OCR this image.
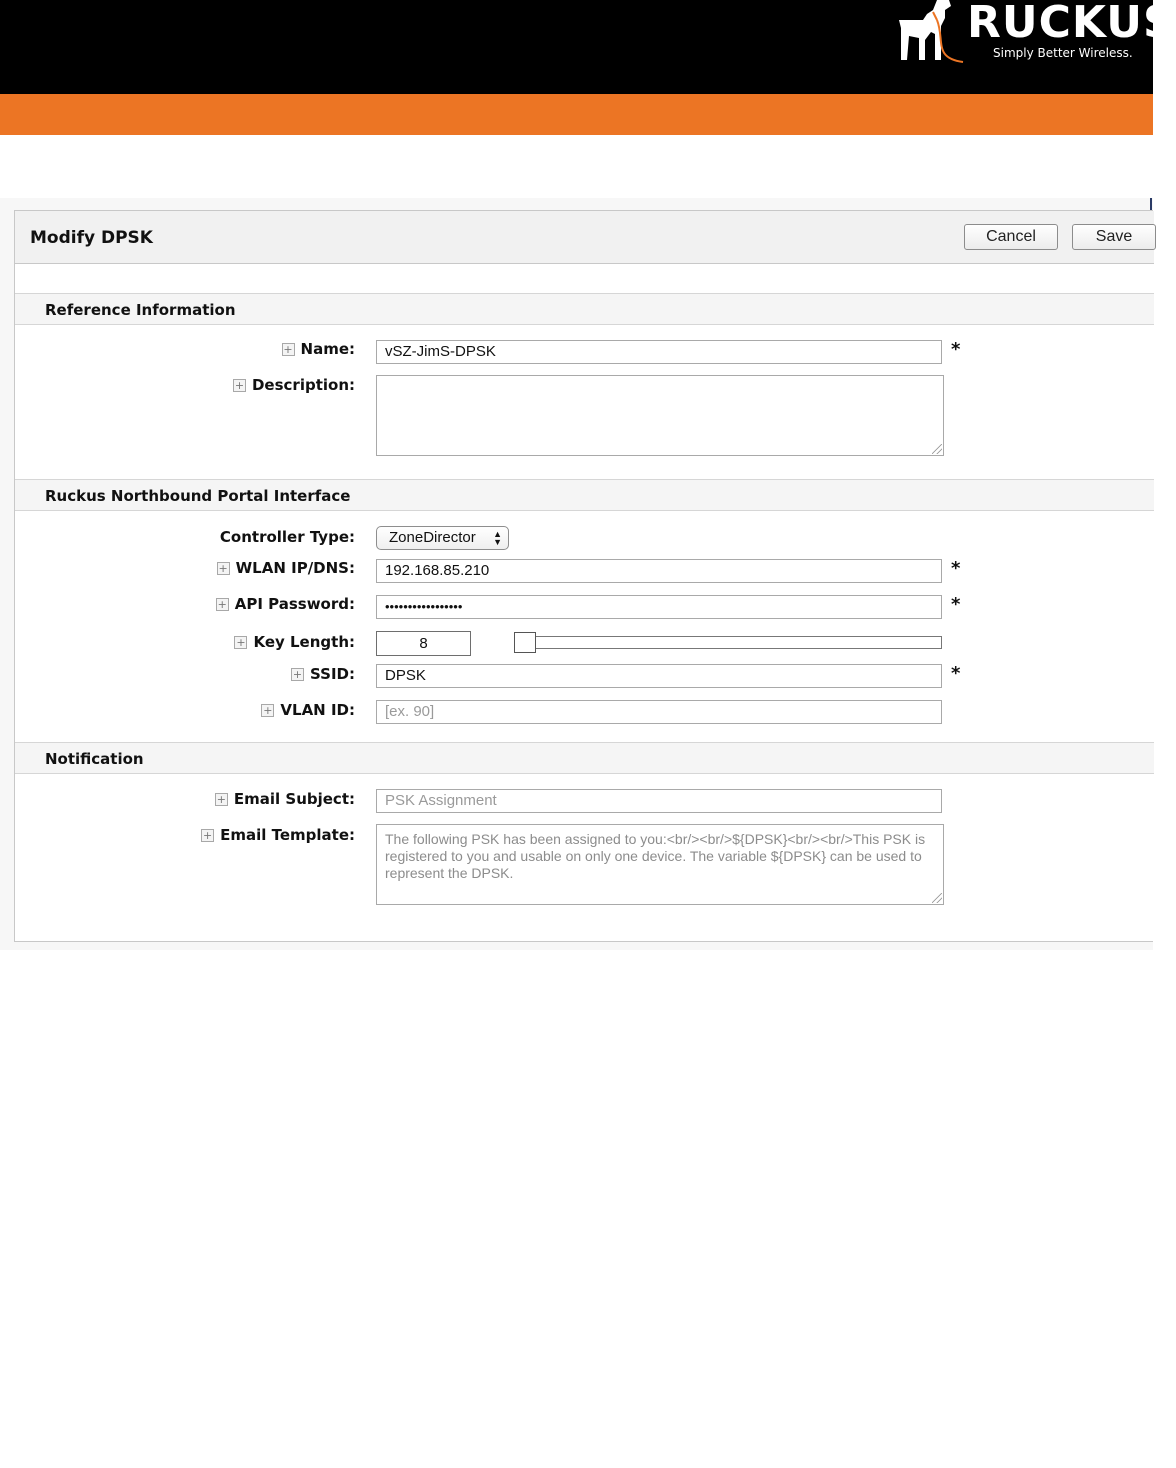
RUCKUS
Simply Better Wireless.
Modify DPSK	Cancel	Save
Reference Information
+ Name:	vSZ-JimS-DPSK	*
+ Description:
Ruckus Northbound Portal Interface
Controller Type:	ZoneDirector ▲
▼
+ WLAN IP/DNS:	192.168.85.210	*
+ API Password:	•••••••••••••••••	*
+ Key Length:	8
+ SSID:	DPSK	*
+ VLAN ID:	[ex. 90]
Notification
+ Email Subject:	PSK Assignment
+ Email Template:	The following PSK has been assigned to you:<br/><br/>${DPSK}<br/><br/>This PSK is registered to you and usable on only one device. The variable ${DPSK} can be used to represent the DPSK.
